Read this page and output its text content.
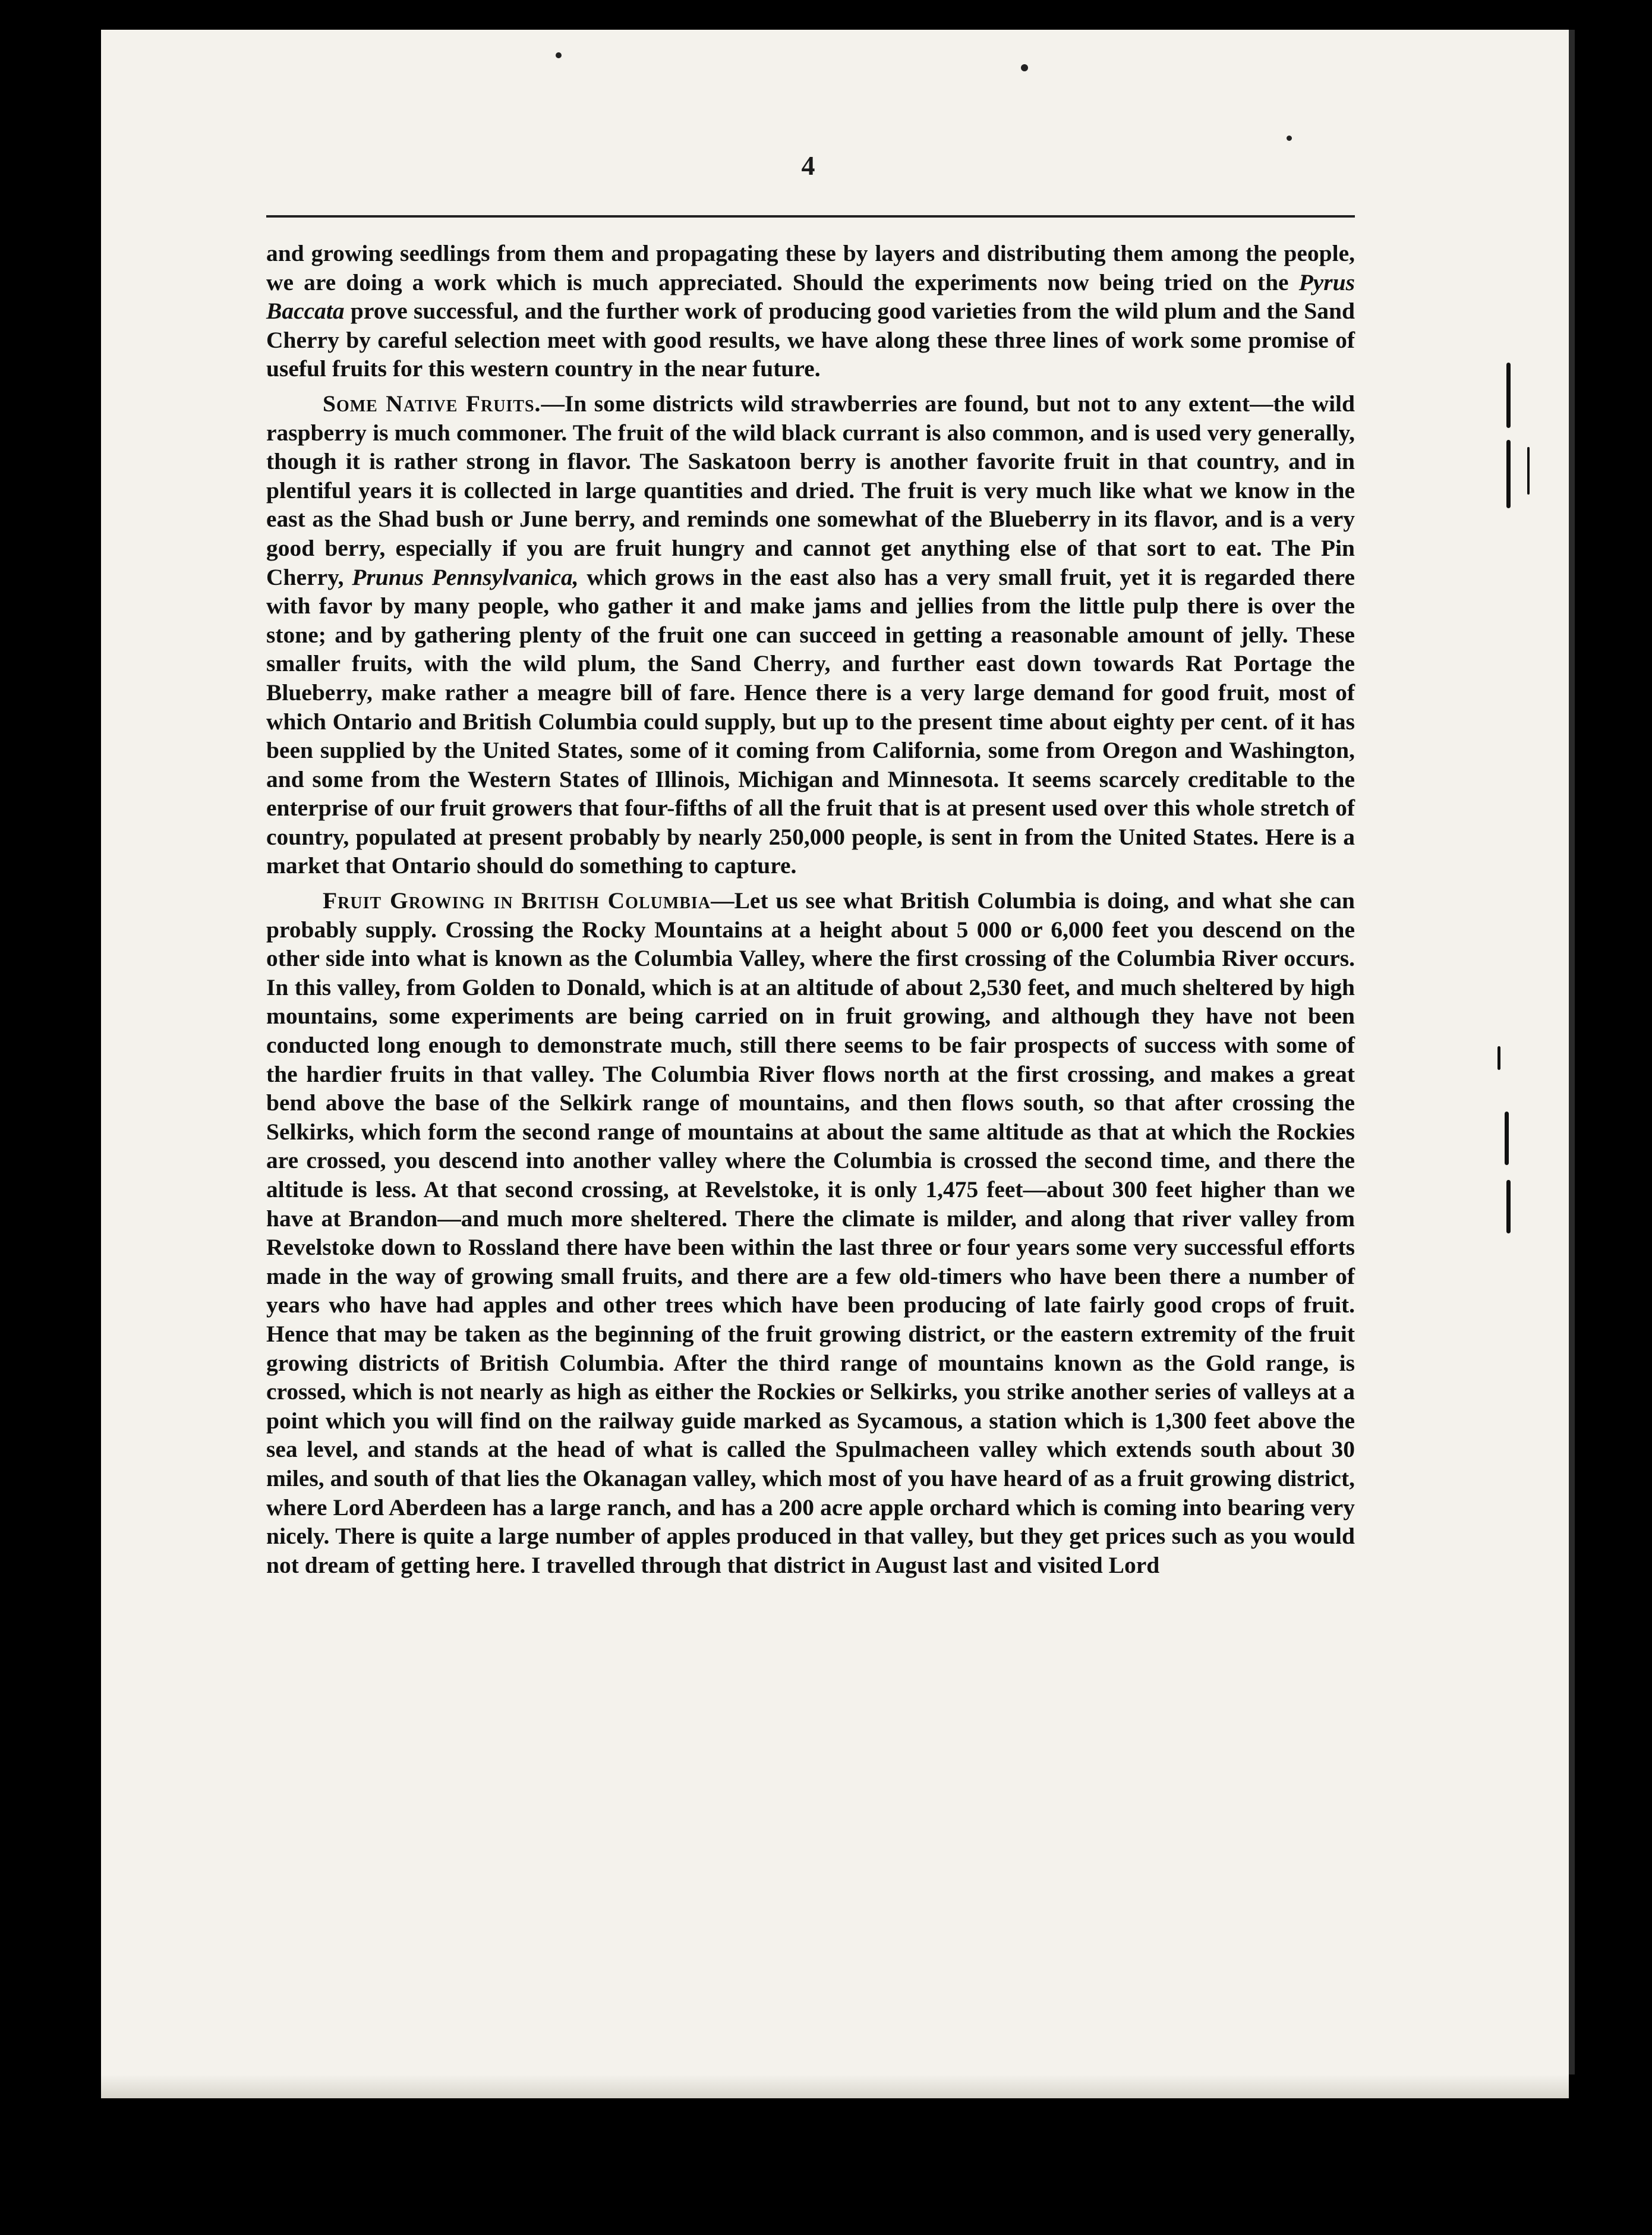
4

and growing seedlings from them and propagating these by layers and distributing them among the people, we are doing a work which is much appreciated. Should the experiments now being tried on the Pyrus Baccata prove successful, and the further work of producing good varieties from the wild plum and the Sand Cherry by careful selection meet with good results, we have along these three lines of work some promise of useful fruits for this western country in the near future.

Some Native Fruits.—In some districts wild strawberries are found, but not to any extent—the wild raspberry is much commoner. The fruit of the wild black currant is also common, and is used very generally, though it is rather strong in flavor. The Saskatoon berry is another favorite fruit in that country, and in plentiful years it is collected in large quantities and dried. The fruit is very much like what we know in the east as the Shad bush or June berry, and reminds one somewhat of the Blueberry in its flavor, and is a very good berry, especially if you are fruit hungry and cannot get anything else of that sort to eat. The Pin Cherry, Prunus Pennsylvanica, which grows in the east also has a very small fruit, yet it is regarded there with favor by many people, who gather it and make jams and jellies from the little pulp there is over the stone; and by gathering plenty of the fruit one can succeed in getting a reasonable amount of jelly. These smaller fruits, with the wild plum, the Sand Cherry, and further east down towards Rat Portage the Blueberry, make rather a meagre bill of fare. Hence there is a very large demand for good fruit, most of which Ontario and British Columbia could supply, but up to the present time about eighty per cent. of it has been supplied by the United States, some of it coming from California, some from Oregon and Washington, and some from the Western States of Illinois, Michigan and Minnesota. It seems scarcely creditable to the enterprise of our fruit growers that four-fifths of all the fruit that is at present used over this whole stretch of country, populated at present probably by nearly 250,000 people, is sent in from the United States. Here is a market that Ontario should do something to capture.

Fruit Growing in British Columbia—Let us see what British Columbia is doing, and what she can probably supply. Crossing the Rocky Mountains at a height about 5 000 or 6,000 feet you descend on the other side into what is known as the Columbia Valley, where the first crossing of the Columbia River occurs. In this valley, from Golden to Donald, which is at an altitude of about 2,530 feet, and much sheltered by high mountains, some experiments are being carried on in fruit growing, and although they have not been conducted long enough to demonstrate much, still there seems to be fair prospects of success with some of the hardier fruits in that valley. The Columbia River flows north at the first crossing, and makes a great bend above the base of the Selkirk range of mountains, and then flows south, so that after crossing the Selkirks, which form the second range of mountains at about the same altitude as that at which the Rockies are crossed, you descend into another valley where the Columbia is crossed the second time, and there the altitude is less. At that second crossing, at Revelstoke, it is only 1,475 feet—about 300 feet higher than we have at Brandon—and much more sheltered. There the climate is milder, and along that river valley from Revelstoke down to Rossland there have been within the last three or four years some very successful efforts made in the way of growing small fruits, and there are a few old-timers who have been there a number of years who have had apples and other trees which have been producing of late fairly good crops of fruit. Hence that may be taken as the beginning of the fruit growing district, or the eastern extremity of the fruit growing districts of British Columbia. After the third range of mountains known as the Gold range, is crossed, which is not nearly as high as either the Rockies or Selkirks, you strike another series of valleys at a point which you will find on the railway guide marked as Sycamous, a station which is 1,300 feet above the sea level, and stands at the head of what is called the Spulmacheen valley which extends south about 30 miles, and south of that lies the Okanagan valley, which most of you have heard of as a fruit growing district, where Lord Aberdeen has a large ranch, and has a 200 acre apple orchard which is coming into bearing very nicely. There is quite a large number of apples produced in that valley, but they get prices such as you would not dream of getting here. I travelled through that district in August last and visited Lord
